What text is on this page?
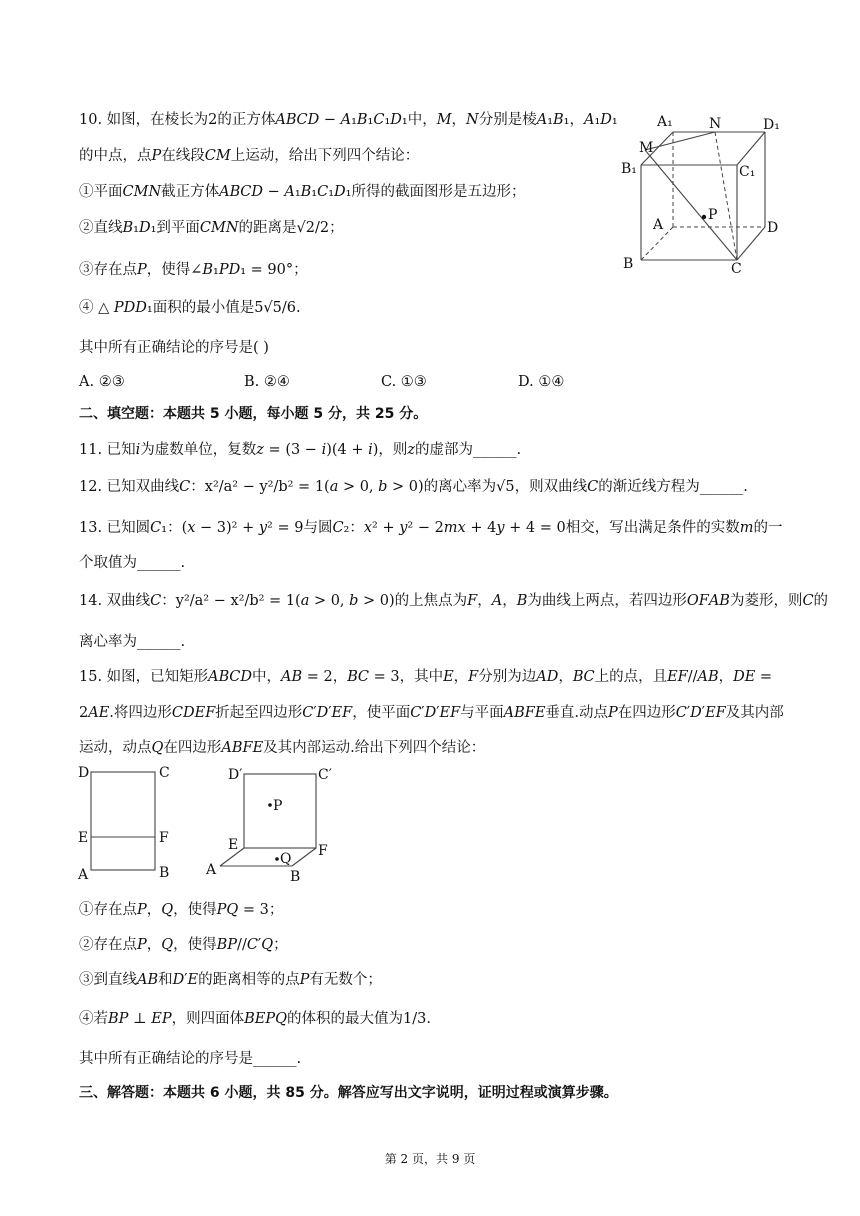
10. 如图，在棱长为2的正方体𝐴𝐵𝐶𝐷 − 𝐴₁𝐵₁𝐶₁𝐷₁中，𝑀，𝑁分别是棱𝐴₁𝐵₁，𝐴₁𝐷₁
的中点，点𝑃在线段𝐶𝑀上运动，给出下列四个结论：
①平面𝐶𝑀𝑁截正方体𝐴𝐵𝐶𝐷 − 𝐴₁𝐵₁𝐶₁𝐷₁所得的截面图形是五边形；
②直线𝐵₁𝐷₁到平面𝐶𝑀𝑁的距离是√2/2；
③存在点𝑃，使得∠𝐵₁𝑃𝐷₁ = 90°；
④ △ 𝑃𝐷𝐷₁面积的最小值是5√5/6.
其中所有正确结论的序号是( )
A. ②③	B. ②④	C. ①③	D. ①④
A₁	N	D₁
M
B₁	C₁
A
P
D
B	C
二、填空题：本题共 5 小题，每小题 5 分，共 25 分。
11. 已知𝑖为虚数单位，复数𝑧 = (3 − 𝑖)(4 + 𝑖)，则𝑧的虚部为______.
12. 已知双曲线𝐶：x²/a² − y²/b² = 1(𝑎 > 0, 𝑏 > 0)的离心率为√5，则双曲线𝐶的渐近线方程为______.
13. 已知圆𝐶₁：(𝑥 − 3)² + 𝑦² = 9与圆𝐶₂：𝑥² + 𝑦² − 2𝑚𝑥 + 4𝑦 + 4 = 0相交，写出满足条件的实数𝑚的一
个取值为______.
14. 双曲线𝐶：y²/a² − x²/b² = 1(𝑎 > 0, 𝑏 > 0)的上焦点为𝐹，𝐴，𝐵为曲线上两点，若四边形𝑂𝐹𝐴𝐵为菱形，则𝐶的
离心率为______.
15. 如图，已知矩形𝐴𝐵𝐶𝐷中，𝐴𝐵 = 2，𝐵𝐶 = 3，其中𝐸，𝐹分别为边𝐴𝐷，𝐵𝐶上的点，且𝐸𝐹//𝐴𝐵，𝐷𝐸 =
2𝐴𝐸.将四边形𝐶𝐷𝐸𝐹折起至四边形𝐶′𝐷′𝐸𝐹，使平面𝐶′𝐷′𝐸𝐹与平面𝐴𝐵𝐹𝐸垂直.动点𝑃在四边形𝐶′𝐷′𝐸𝐹及其内部
运动，动点𝑄在四边形𝐴𝐵𝐹𝐸及其内部运动.给出下列四个结论：
D	C
E	F
A	B
D′	C′
P
E	F
Q
A	B
①存在点𝑃，𝑄，使得𝑃𝑄 = 3；
②存在点𝑃，𝑄，使得𝐵𝑃//𝐶′𝑄；
③到直线𝐴𝐵和𝐷′𝐸的距离相等的点𝑃有无数个；
④若𝐵𝑃 ⊥ 𝐸𝑃，则四面体𝐵𝐸𝑃𝑄的体积的最大值为1/3.
其中所有正确结论的序号是______.
三、解答题：本题共 6 小题，共 85 分。解答应写出文字说明，证明过程或演算步骤。
第 2 页，共 9 页
